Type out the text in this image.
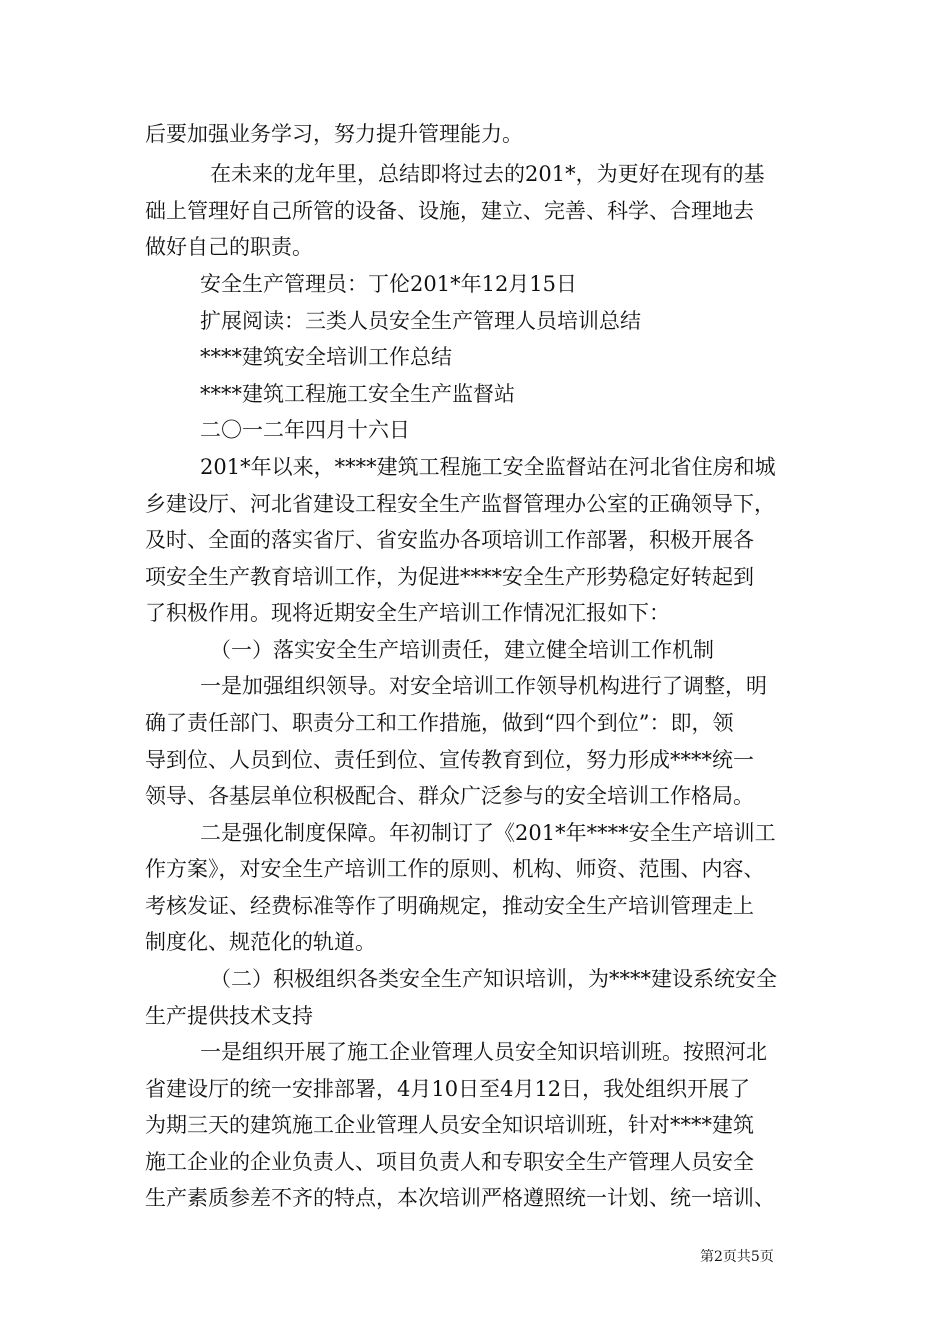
后要加强业务学习，努力提升管理能力。

在未来的龙年里，总结即将过去的201*，为更好在现有的基

础上管理好自己所管的设备、设施，建立、完善、科学、合理地去

做好自己的职责。

安全生产管理员：丁伦201*年12月15日

扩展阅读：三类人员安全生产管理人员培训总结

****建筑安全培训工作总结

****建筑工程施工安全生产监督站

二〇一二年四月十六日

201*年以来，****建筑工程施工安全监督站在河北省住房和城

乡建设厅、河北省建设工程安全生产监督管理办公室的正确领导下，

及时、全面的落实省厅、省安监办各项培训工作部署，积极开展各

项安全生产教育培训工作，为促进****安全生产形势稳定好转起到

了积极作用。现将近期安全生产培训工作情况汇报如下：

（一）落实安全生产培训责任，建立健全培训工作机制

一是加强组织领导。对安全培训工作领导机构进行了调整，明

确了责任部门、职责分工和工作措施，做到“四个到位”：即，领

导到位、人员到位、责任到位、宣传教育到位，努力形成****统一

领导、各基层单位积极配合、群众广泛参与的安全培训工作格局。

二是强化制度保障。年初制订了《201*年****安全生产培训工

作方案》，对安全生产培训工作的原则、机构、师资、范围、内容、

考核发证、经费标准等作了明确规定，推动安全生产培训管理走上

制度化、规范化的轨道。

（二）积极组织各类安全生产知识培训，为****建设系统安全

生产提供技术支持

一是组织开展了施工企业管理人员安全知识培训班。按照河北

省建设厅的统一安排部署，4月10日至4月12日，我处组织开展了

为期三天的建筑施工企业管理人员安全知识培训班，针对****建筑

施工企业的企业负责人、项目负责人和专职安全生产管理人员安全

生产素质参差不齐的特点，本次培训严格遵照统一计划、统一培训、

第2页共5页
